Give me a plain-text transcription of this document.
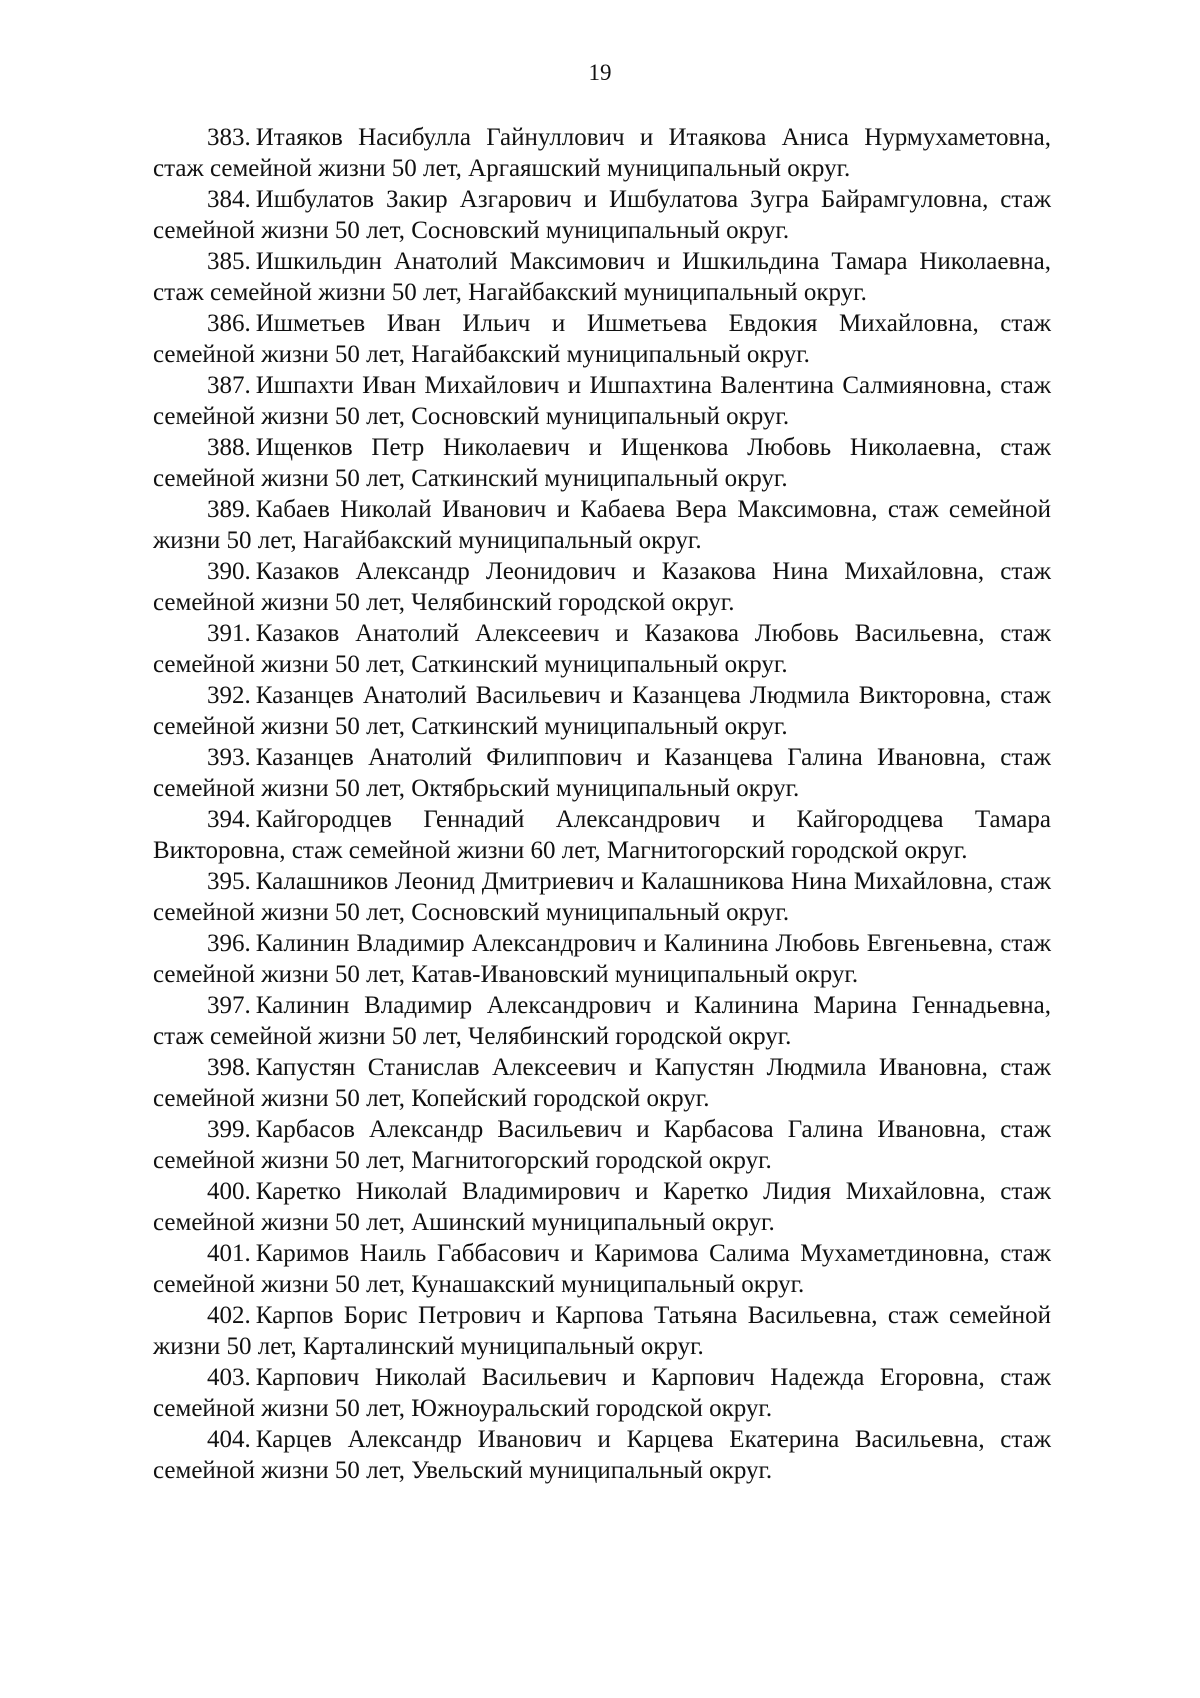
19

383. Итаяков Насибулла Гайнуллович и Итаякова Аниса Нурмухаметовна, стаж семейной жизни 50 лет, Аргаяшский муниципальный округ.

384. Ишбулатов Закир Азгарович и Ишбулатова Зугра Байрамгуловна, стаж семейной жизни 50 лет, Сосновский муниципальный округ.

385. Ишкильдин Анатолий Максимович и Ишкильдина Тамара Николаевна, стаж семейной жизни 50 лет, Нагайбакский муниципальный округ.

386. Ишметьев Иван Ильич и Ишметьева Евдокия Михайловна, стаж семейной жизни 50 лет, Нагайбакский муниципальный округ.

387. Ишпахти Иван Михайлович и Ишпахтина Валентина Салмияновна, стаж семейной жизни 50 лет, Сосновский муниципальный округ.

388. Ищенков Петр Николаевич и Ищенкова Любовь Николаевна, стаж семейной жизни 50 лет, Саткинский муниципальный округ.

389. Кабаев Николай Иванович и Кабаева Вера Максимовна, стаж семейной жизни 50 лет, Нагайбакский муниципальный округ.

390. Казаков Александр Леонидович и Казакова Нина Михайловна, стаж семейной жизни 50 лет, Челябинский городской округ.

391. Казаков Анатолий Алексеевич и Казакова Любовь Васильевна, стаж семейной жизни 50 лет, Саткинский муниципальный округ.

392. Казанцев Анатолий Васильевич и Казанцева Людмила Викторовна, стаж семейной жизни 50 лет, Саткинский муниципальный округ.

393. Казанцев Анатолий Филиппович и Казанцева Галина Ивановна, стаж семейной жизни 50 лет, Октябрьский муниципальный округ.

394. Кайгородцев Геннадий Александрович и Кайгородцева Тамара Викторовна, стаж семейной жизни 60 лет, Магнитогорский городской округ.

395. Калашников Леонид Дмитриевич и Калашникова Нина Михайловна, стаж семейной жизни 50 лет, Сосновский муниципальный округ.

396. Калинин Владимир Александрович и Калинина Любовь Евгеньевна, стаж семейной жизни 50 лет, Катав-Ивановский муниципальный округ.

397. Калинин Владимир Александрович и Калинина Марина Геннадьевна, стаж семейной жизни 50 лет, Челябинский городской округ.

398. Капустян Станислав Алексеевич и Капустян Людмила Ивановна, стаж семейной жизни 50 лет, Копейский городской округ.

399. Карбасов Александр Васильевич и Карбасова Галина Ивановна, стаж семейной жизни 50 лет, Магнитогорский городской округ.

400. Каретко Николай Владимирович и Каретко Лидия Михайловна, стаж семейной жизни 50 лет, Ашинский муниципальный округ.

401. Каримов Наиль Габбасович и Каримова Салима Мухаметдиновна, стаж семейной жизни 50 лет, Кунашакский муниципальный округ.

402. Карпов Борис Петрович и Карпова Татьяна Васильевна, стаж семейной жизни 50 лет, Карталинский муниципальный округ.

403. Карпович Николай Васильевич и Карпович Надежда Егоровна, стаж семейной жизни 50 лет, Южноуральский городской округ.

404. Карцев Александр Иванович и Карцева Екатерина Васильевна, стаж семейной жизни 50 лет, Увельский муниципальный округ.
